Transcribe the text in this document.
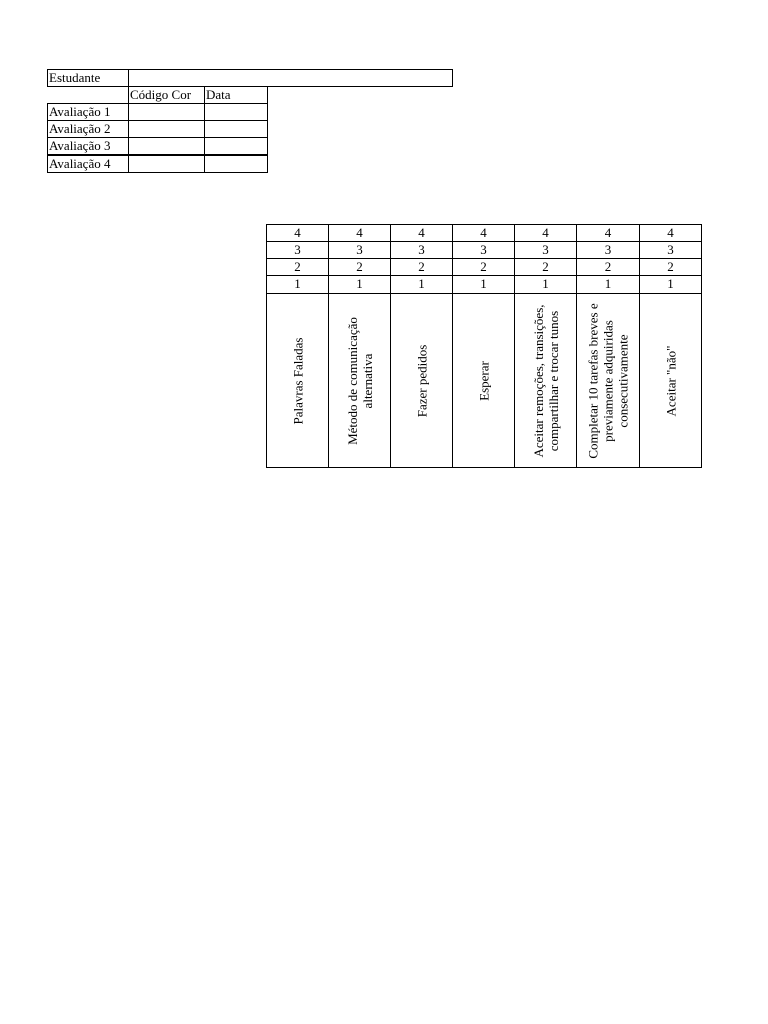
Estudante
Código Cor	Data
Avaliação 1
Avaliação 2
Avaliação 3
Avaliação 4
4
3
2
1
Palavras Faladas
4
3
2
1
Método de comunicação alternativa
4
3
2
1
Fazer pedidos
4
3
2
1
Esperar
4
3
2
1
Aceitar remoções, transições, compartilhar e trocar tunos
4
3
2
1
Completar 10 tarefas breves e previamente adquiridas consecutivamente
4
3
2
1
Aceitar "não"
